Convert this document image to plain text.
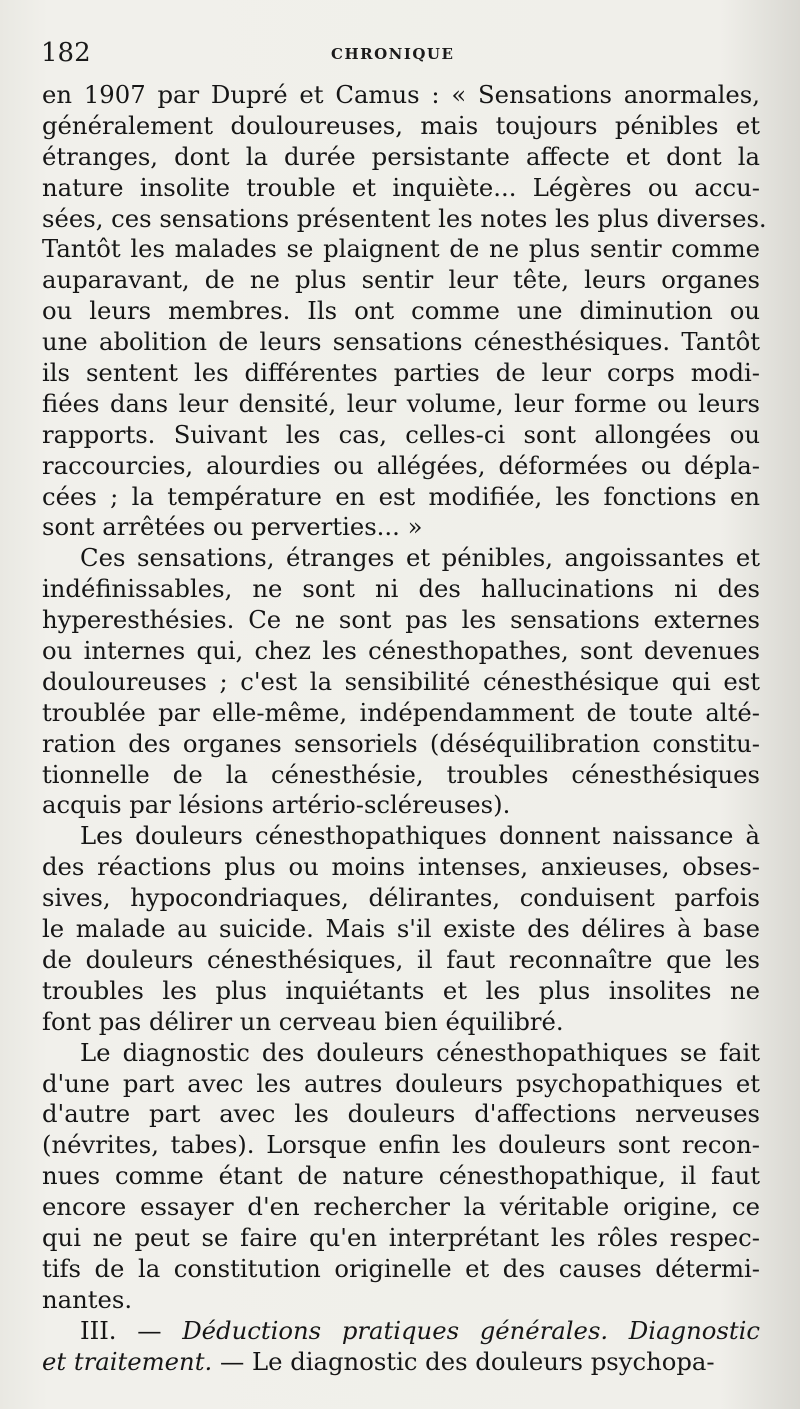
182	CHRONIQUE
en 1907 par Dupré et Camus : « Sensations anormales,
généralement douloureuses, mais toujours pénibles et
étranges, dont la durée persistante affecte et dont la
nature insolite trouble et inquiète... Légères ou accu-
sées, ces sensations présentent les notes les plus diverses.
Tantôt les malades se plaignent de ne plus sentir comme
auparavant, de ne plus sentir leur tête, leurs organes
ou leurs membres. Ils ont comme une diminution ou
une abolition de leurs sensations cénesthésiques. Tantôt
ils sentent les différentes parties de leur corps modi-
fiées dans leur densité, leur volume, leur forme ou leurs
rapports. Suivant les cas, celles-ci sont allongées ou
raccourcies, alourdies ou allégées, déformées ou dépla-
cées ; la température en est modifiée, les fonctions en
sont arrêtées ou perverties... »
Ces sensations, étranges et pénibles, angoissantes et
indéfinissables, ne sont ni des hallucinations ni des
hyperesthésies. Ce ne sont pas les sensations externes
ou internes qui, chez les cénesthopathes, sont devenues
douloureuses ; c'est la sensibilité cénesthésique qui est
troublée par elle-même, indépendamment de toute alté-
ration des organes sensoriels (déséquilibration constitu-
tionnelle de la cénesthésie, troubles cénesthésiques
acquis par lésions artério-scléreuses).
Les douleurs cénesthopathiques donnent naissance à
des réactions plus ou moins intenses, anxieuses, obses-
sives, hypocondriaques, délirantes, conduisent parfois
le malade au suicide. Mais s'il existe des délires à base
de douleurs cénesthésiques, il faut reconnaître que les
troubles les plus inquiétants et les plus insolites ne
font pas délirer un cerveau bien équilibré.
Le diagnostic des douleurs cénesthopathiques se fait
d'une part avec les autres douleurs psychopathiques et
d'autre part avec les douleurs d'affections nerveuses
(névrites, tabes). Lorsque enfin les douleurs sont recon-
nues comme étant de nature cénesthopathique, il faut
encore essayer d'en rechercher la véritable origine, ce
qui ne peut se faire qu'en interprétant les rôles respec-
tifs de la constitution originelle et des causes détermi-
nantes.
III. — Déductions pratiques générales. Diagnostic
et traitement. — Le diagnostic des douleurs psychopa-
